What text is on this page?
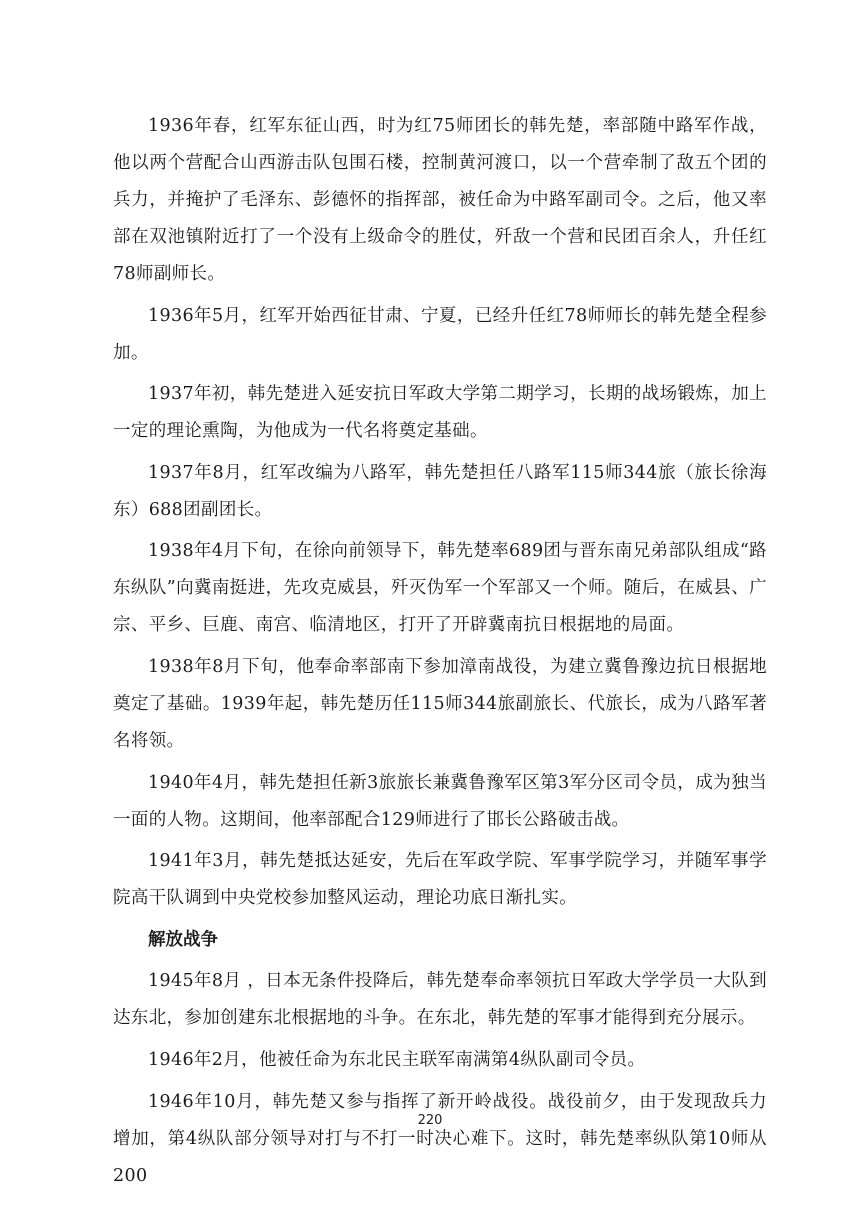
1936年春，红军东征山西，时为红75师团长的韩先楚，率部随中路军作战，他以两个营配合山西游击队包围石楼，控制黄河渡口，以一个营牵制了敌五个团的兵力，并掩护了毛泽东、彭德怀的指挥部，被任命为中路军副司令。之后，他又率部在双池镇附近打了一个没有上级命令的胜仗，歼敌一个营和民团百余人，升任红78师副师长。

1936年5月，红军开始西征甘肃、宁夏，已经升任红78师师长的韩先楚全程参加。

1937年初，韩先楚进入延安抗日军政大学第二期学习，长期的战场锻炼，加上一定的理论熏陶，为他成为一代名将奠定基础。

1937年8月，红军改编为八路军，韩先楚担任八路军115师344旅（旅长徐海东）688团副团长。

1938年4月下旬，在徐向前领导下，韩先楚率689团与晋东南兄弟部队组成“路东纵队”向冀南挺进，先攻克威县，歼灭伪军一个军部又一个师。随后，在威县、广宗、平乡、巨鹿、南宫、临清地区，打开了开辟冀南抗日根据地的局面。

1938年8月下旬，他奉命率部南下参加漳南战役，为建立冀鲁豫边抗日根据地奠定了基础。1939年起，韩先楚历任115师344旅副旅长、代旅长，成为八路军著名将领。

1940年4月，韩先楚担任新3旅旅长兼冀鲁豫军区第3军分区司令员，成为独当一面的人物。这期间，他率部配合129师进行了邯长公路破击战。

1941年3月，韩先楚抵达延安，先后在军政学院、军事学院学习，并随军事学院高干队调到中央党校参加整风运动，理论功底日渐扎实。

解放战争

1945年8月 ，日本无条件投降后，韩先楚奉命率领抗日军政大学学员一大队到达东北，参加创建东北根据地的斗争。在东北，韩先楚的军事才能得到充分展示。

1946年2月，他被任命为东北民主联军南满第4纵队副司令员。

1946年10月，韩先楚又参与指挥了新开岭战役。战役前夕，由于发现敌兵力增加，第4纵队部分领导对打与不打一时决心难下。这时，韩先楚率纵队第10师从200

220
